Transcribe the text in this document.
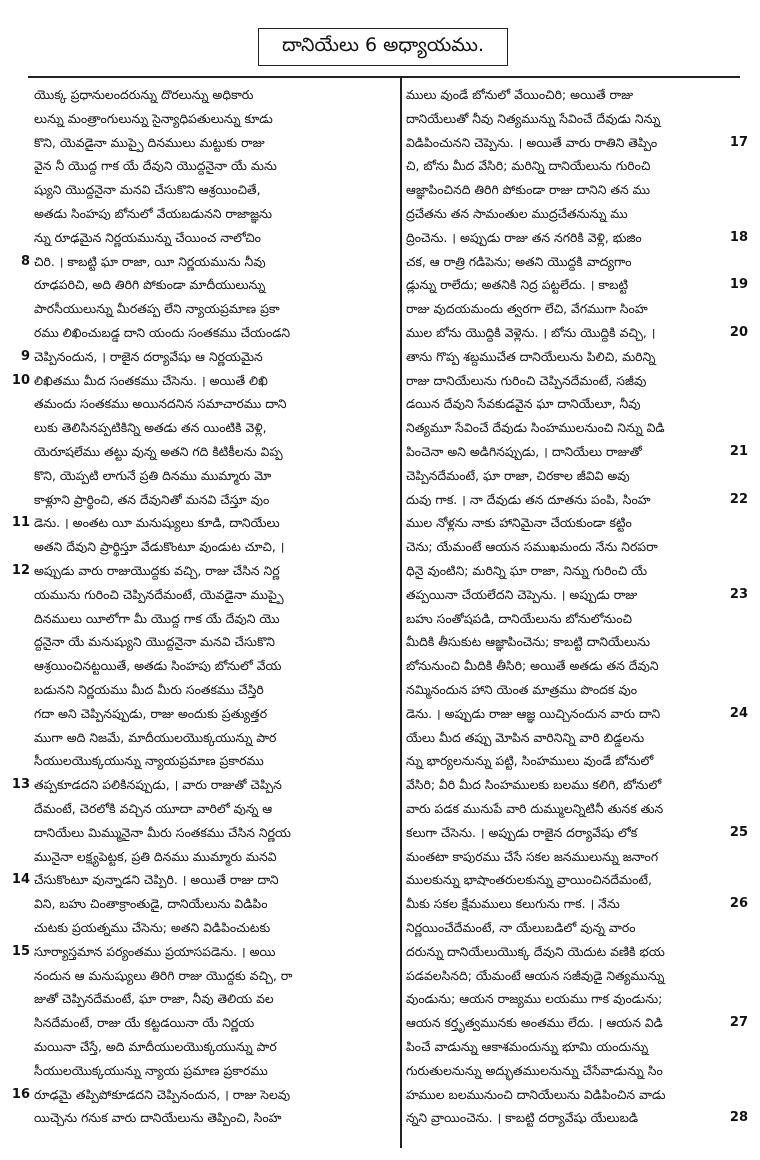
దానియేలు 6 అధ్యాయము.
యొక్క ప్రధానులందరున్ను దొరలున్ను అధికారు
లున్ను మంత్రాంగులున్ను సైన్యాధిపతులున్ను కూడు
కొని, యెవడైనా ముప్పై దినములు మట్టుకు రాజు
వైన నీ యొద్ద గాక యే దేవుని యొద్దనైనా యే మను
ష్యుని యొద్దనైనా మనవి చేసుకొని ఆశ్రయించితే,
అతడు సింహపు బోనులో వేయబడునని రాజాజ్ఞను
న్ను రూఢమైన నిర్ణయమున్ను చేయించ నాలోచిం
చిరి. । కాబట్టి ఘా రాజా, యీ నిర్ణయమును నీవు
8
రూఢపరిచి, అది తిరిగి పోకుండా మాదీయులున్ను
పారసీయులున్ను మీరతప్ప లేని న్యాయప్రమాణ ప్రకా
రము లిఖించుబడ్డ దాని యందు సంతకము చేయండని
చెప్పినందున, । రాజైన దర్యావేషు ఆ నిర్ణయమైన
9
లిఖితము మీద సంతకము చేసెను. । అయితే లిఖి
10
తమందు సంతకము అయినదనిన సమాచారము దాని
లుకు తెలిసినప్పటికిన్ని అతడు తన యింటికి వెళ్లి,
యెరూషలేము తట్టు వున్న అతని గది కిటికీలను విప్ప
కొని, యెప్పటి లాగునే ప్రతి దినము ముమ్మారు మో
కాళ్లూని ప్రార్థించి, తన దేవునితో మనవి చేస్తూ వుం
డెను. । అంతట యీ మనుష్యులు కూడి, దానియేలు
11
అతని దేవుని ప్రార్థిస్తూ వేడుకొంటూ వుండుట చూచి, ।
అప్పుడు వారు రాజుయొద్దకు వచ్చి, రాజు చేసిన నిర్ణ
12
యమును గురించి చెప్పినదేమంటే, యెవడైనా ముప్పై
దినములు యీలోగా మీ యొద్ద గాక యే దేవుని యొ
ద్దనైనా యే మనుష్యుని యొద్దనైనా మనవి చేసుకొని
ఆశ్రయించినట్టయితే, అతడు సింహపు బోనులో వేయ
బడునని నిర్ణయము మీద మీరు సంతకము చేస్తిరి
గదా అని చెప్పినప్పుడు, రాజు అందుకు ప్రత్యుత్తర
ముగా అది నిజమే, మాదీయులయొక్కయున్ను పార
సీయులయొక్కయున్ను న్యాయప్రమాణ ప్రకారము
తప్పకూడదని పలికినప్పుడు, । వారు రాజుతో చెప్పిన
13
దేమంటే, చెరలోకి వచ్చిన యూదా వారిలో వున్న ఆ
దానియేలు మిమ్మునైనా మీరు సంతకము చేసిన నిర్ణయ
మునైనా లక్ష్యపెట్టక, ప్రతి దినము ముమ్మారు మనవి
చేసుకొంటూ వున్నాడని చెప్పిరి. । అయితే రాజు దాని
14
విని, బహు చింతాక్రాంతుడై, దానియేలును విడిపిం
చుటకు ప్రయత్నము చేసెను; అతని విడిపించుటకు
సూర్యాస్తమాన పర్యంతము ప్రయాసపడెను. । అయి
15
నందున ఆ మనుష్యులు తిరిగి రాజు యొద్దకు వచ్చి, రా
జుతో చెప్పినదేమంటే, ఘా రాజా, నీవు తెలియ వల
సినదేమంటే, రాజు యే కట్టడయినా యే నిర్ణయ
మయినా చేస్తే, అది మాదీయులయొక్కయున్ను పార
సీయులయొక్కయున్ను న్యాయ ప్రమాణ ప్రకారము
రూఢమై తప్పిపోకూడదని చెప్పినందున, । రాజు సెలవు
16
యిచ్చెను గనుక వారు దానియేలును తెప్పించి, సింహ
ములు వుండే బోనులో వేయించిరి; అయితే రాజు
దానియేలుతో నీవు నిత్యమున్ను సేవించే దేవుడు నిన్ను
విడిపించునని చెప్పెను. । అయితే వారు రాతిని తెప్పిం	17
చి, బోను మీద వేసిరి; మరిన్ని దానియేలును గురించి
ఆజ్ఞాపించినది తిరిగి పోకుండా రాజు దానిని తన ము
ద్రచేతను తన సామంతుల ముద్రచేతనున్ను ము
ద్రించెను. । అప్పుడు రాజు తన నగరికి వెళ్లి, భుజిం	18
చక, ఆ రాత్రి గడిపెను; అతని యొద్దకి వాద్యగాం
డ్లున్ను రాలేదు; అతనికి నిద్ర పట్టలేదు. । కాబట్టి	19
రాజు వుదయమందు త్వరగా లేచి, వేగముగా సింహ
ముల బోను యొద్దికి వెళ్లెను. । బోను యొద్దికి వచ్చి, ।	20
తాను గొప్ప శబ్దముచేత దానియేలును పిలిచి, మరిన్ని
రాజు దానియేలును గురించి చెప్పినదేమంటే, సజీవు
డయిన దేవుని సేవకుడవైన ఘా దానియేలూ, నీవు
నిత్యమూ సేవించే దేవుడు సింహములనుంచి నిన్ను విడి
పించెనా అని అడిగినప్పుడు, । దానియేలు రాజుతో	21
చెప్పినదేమంటే, ఘా రాజా, చిరకాల జీవివి అవు
దువు గాక. । నా దేవుడు తన దూతను పంపి, సింహ	22
ముల నోళ్లను నాకు హానిమైనా చేయకుండా కట్టిం
చెను; యేమంటే ఆయన సముఖమందు నేను నిరపరా
ధినై వుంటిని; మరిన్ని ఘా రాజా, నిన్ను గురించి యే
తప్పయినా చేయలేదని చెప్పెను. । అప్పుడు రాజు	23
బహు సంతోషపడి, దానియేలును బోనులోనుంచి
మీదికి తీసుకుట ఆజ్ఞాపించెను; కాబట్టి దానియేలును
బోనునుంచి మీదికి తీసిరి; అయితే అతడు తన దేవుని
నమ్మినందున హాని యెంత మాత్రము పొందక వుం
డెను. । అప్పుడు రాజు ఆజ్ఞ యిచ్చినందున వారు దాని	24
యేలు మీద తప్పు మోపిన వారినిన్ని వారి బిడ్డలను
న్ను భార్యలనున్ను పట్టి, సింహములు వుండే బోనులో
వేసిరి; వీరి మీద సింహములకు బలము కలిగి, బోనులో
వారు పడక మునుపే వారి దుమ్ములన్నిటినీ తునక తున
కలుగా చేసెను. । అప్పుడు రాజైన దర్యావేషు లోక	25
మంతటా కాపురము చేసే సకల జనములున్ను జనాంగ
ములకున్ను భాషాంతరులకున్ను వ్రాయించినదేమంటే,
మీకు సకల క్షేమములు కలుగును గాక. । నేను	26
నిర్ణయించేదేమంటే, నా యేలుబడిలో వున్న వారం
దరున్ను దానియేలుయొక్క దేవుని యెదుట వణికి భయ
పడవలసినది; యేమంటే ఆయన సజీవుడై నిత్యమున్ను
వుండును; ఆయన రాజ్యము లయము గాక వుండును;
ఆయన కర్తృత్వమునకు అంతము లేదు. । ఆయన విడి	27
పించే వాడున్ను ఆకాశమందున్ను భూమి యందున్ను
గురుతులనున్ను అద్భుతములనున్ను చేసేవాడున్ను సిం
హముల బలమునుంచి దానియేలును విడిపించిన వాడు
న్నని వ్రాయించెను. । కాబట్టి దర్యావేషు యేలుబడి	28
